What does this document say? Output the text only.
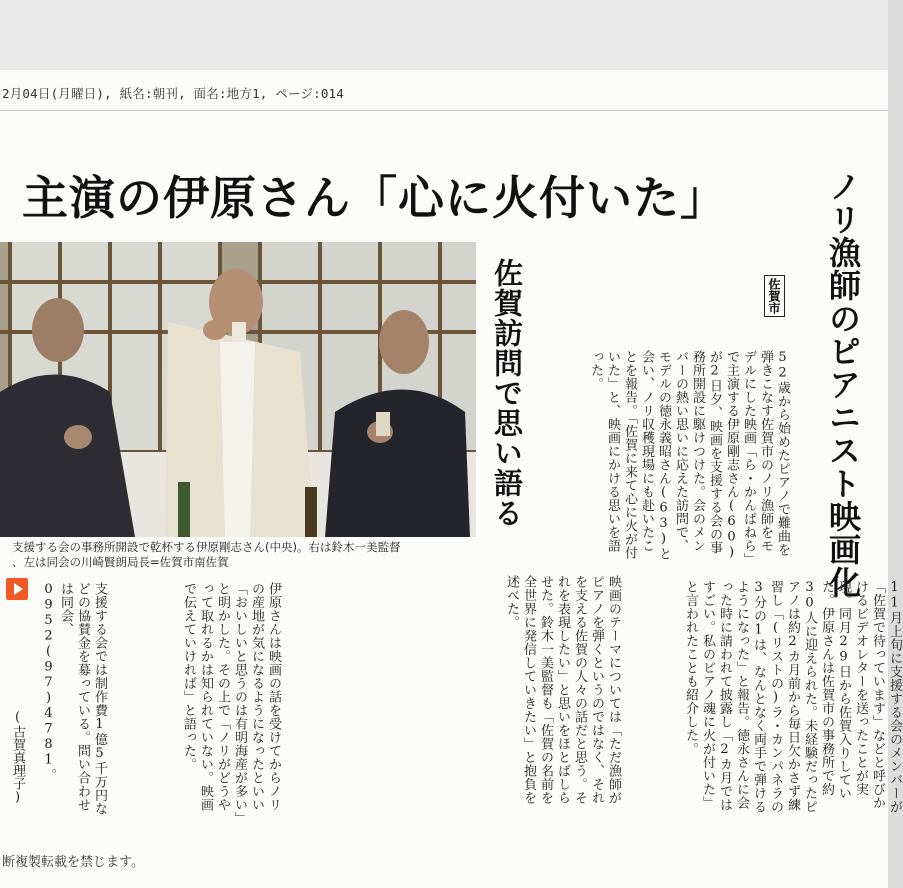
2月04日(月曜日), 紙名:朝刊, 面名:地方1, ページ:014
主演の伊原さん「心に火付いた」	ノリ漁師のピアニスト映画化
佐賀訪問で思い語る
支援する会の事務所開設で乾杯する伊原剛志さん(中央)。右は鈴木一美監督
、左は同会の川崎賢朗局長=佐賀市南佐賀
佐賀市

52歳から始めたピアノで難曲を弾きこなす佐賀市のノリ漁師をモデルにした映画「ら・かんぱねら」で主演する伊原剛志さん(60)が2日夕、映画を支援する会の事務所開設に駆けつけた。会のメンバーの熱い思いに応えた訪問で、モデルの徳永義昭さん(63)と会い、ノリ収穫現場にも赴いたことを報告。「佐賀に来て心に火が付いた」と、映画にかける思いを語った。

11月上旬に支援する会のメンバーが「佐賀で待っています」などと呼びかけるビデオレターを送ったことが実現。同月29日から佐賀入りしていた。伊原さんは佐賀市の事務所で約30人に迎えられた。未経験だったピアノは約2カ月前から毎日欠かさず練習し「(リストの)ラ・カンパネラの3分の1は、なんとなく両手で弾けるようになった」と報告。徳永さんに会った時に請われて披露し「2カ月ではすごい。私のピアノ魂に火が付いた」と言われたことも紹介した。

映画のテーマについては「ただ漁師がピアノを弾くというのではなく、それを支える佐賀の人々の話だと思う。それを表現したい」と思いをほとばしらせた。鈴木一美監督も「佐賀の名前を全世界に発信していきたい」と抱負を述べた。

伊原さんは映画の話を受けてからノリの産地が気になるようになったといい「おいしいと思うのは有明海産が多い」と明かした。その上で「ノリがどうやって取れるかは知られていない。映画で伝えていければ」と語った。

支援する会では制作費1億5千万円などの協賛金を募っている。問い合わせは同会、0952(97)4781。

(古賀真理子)
断複製転載を禁じます。
